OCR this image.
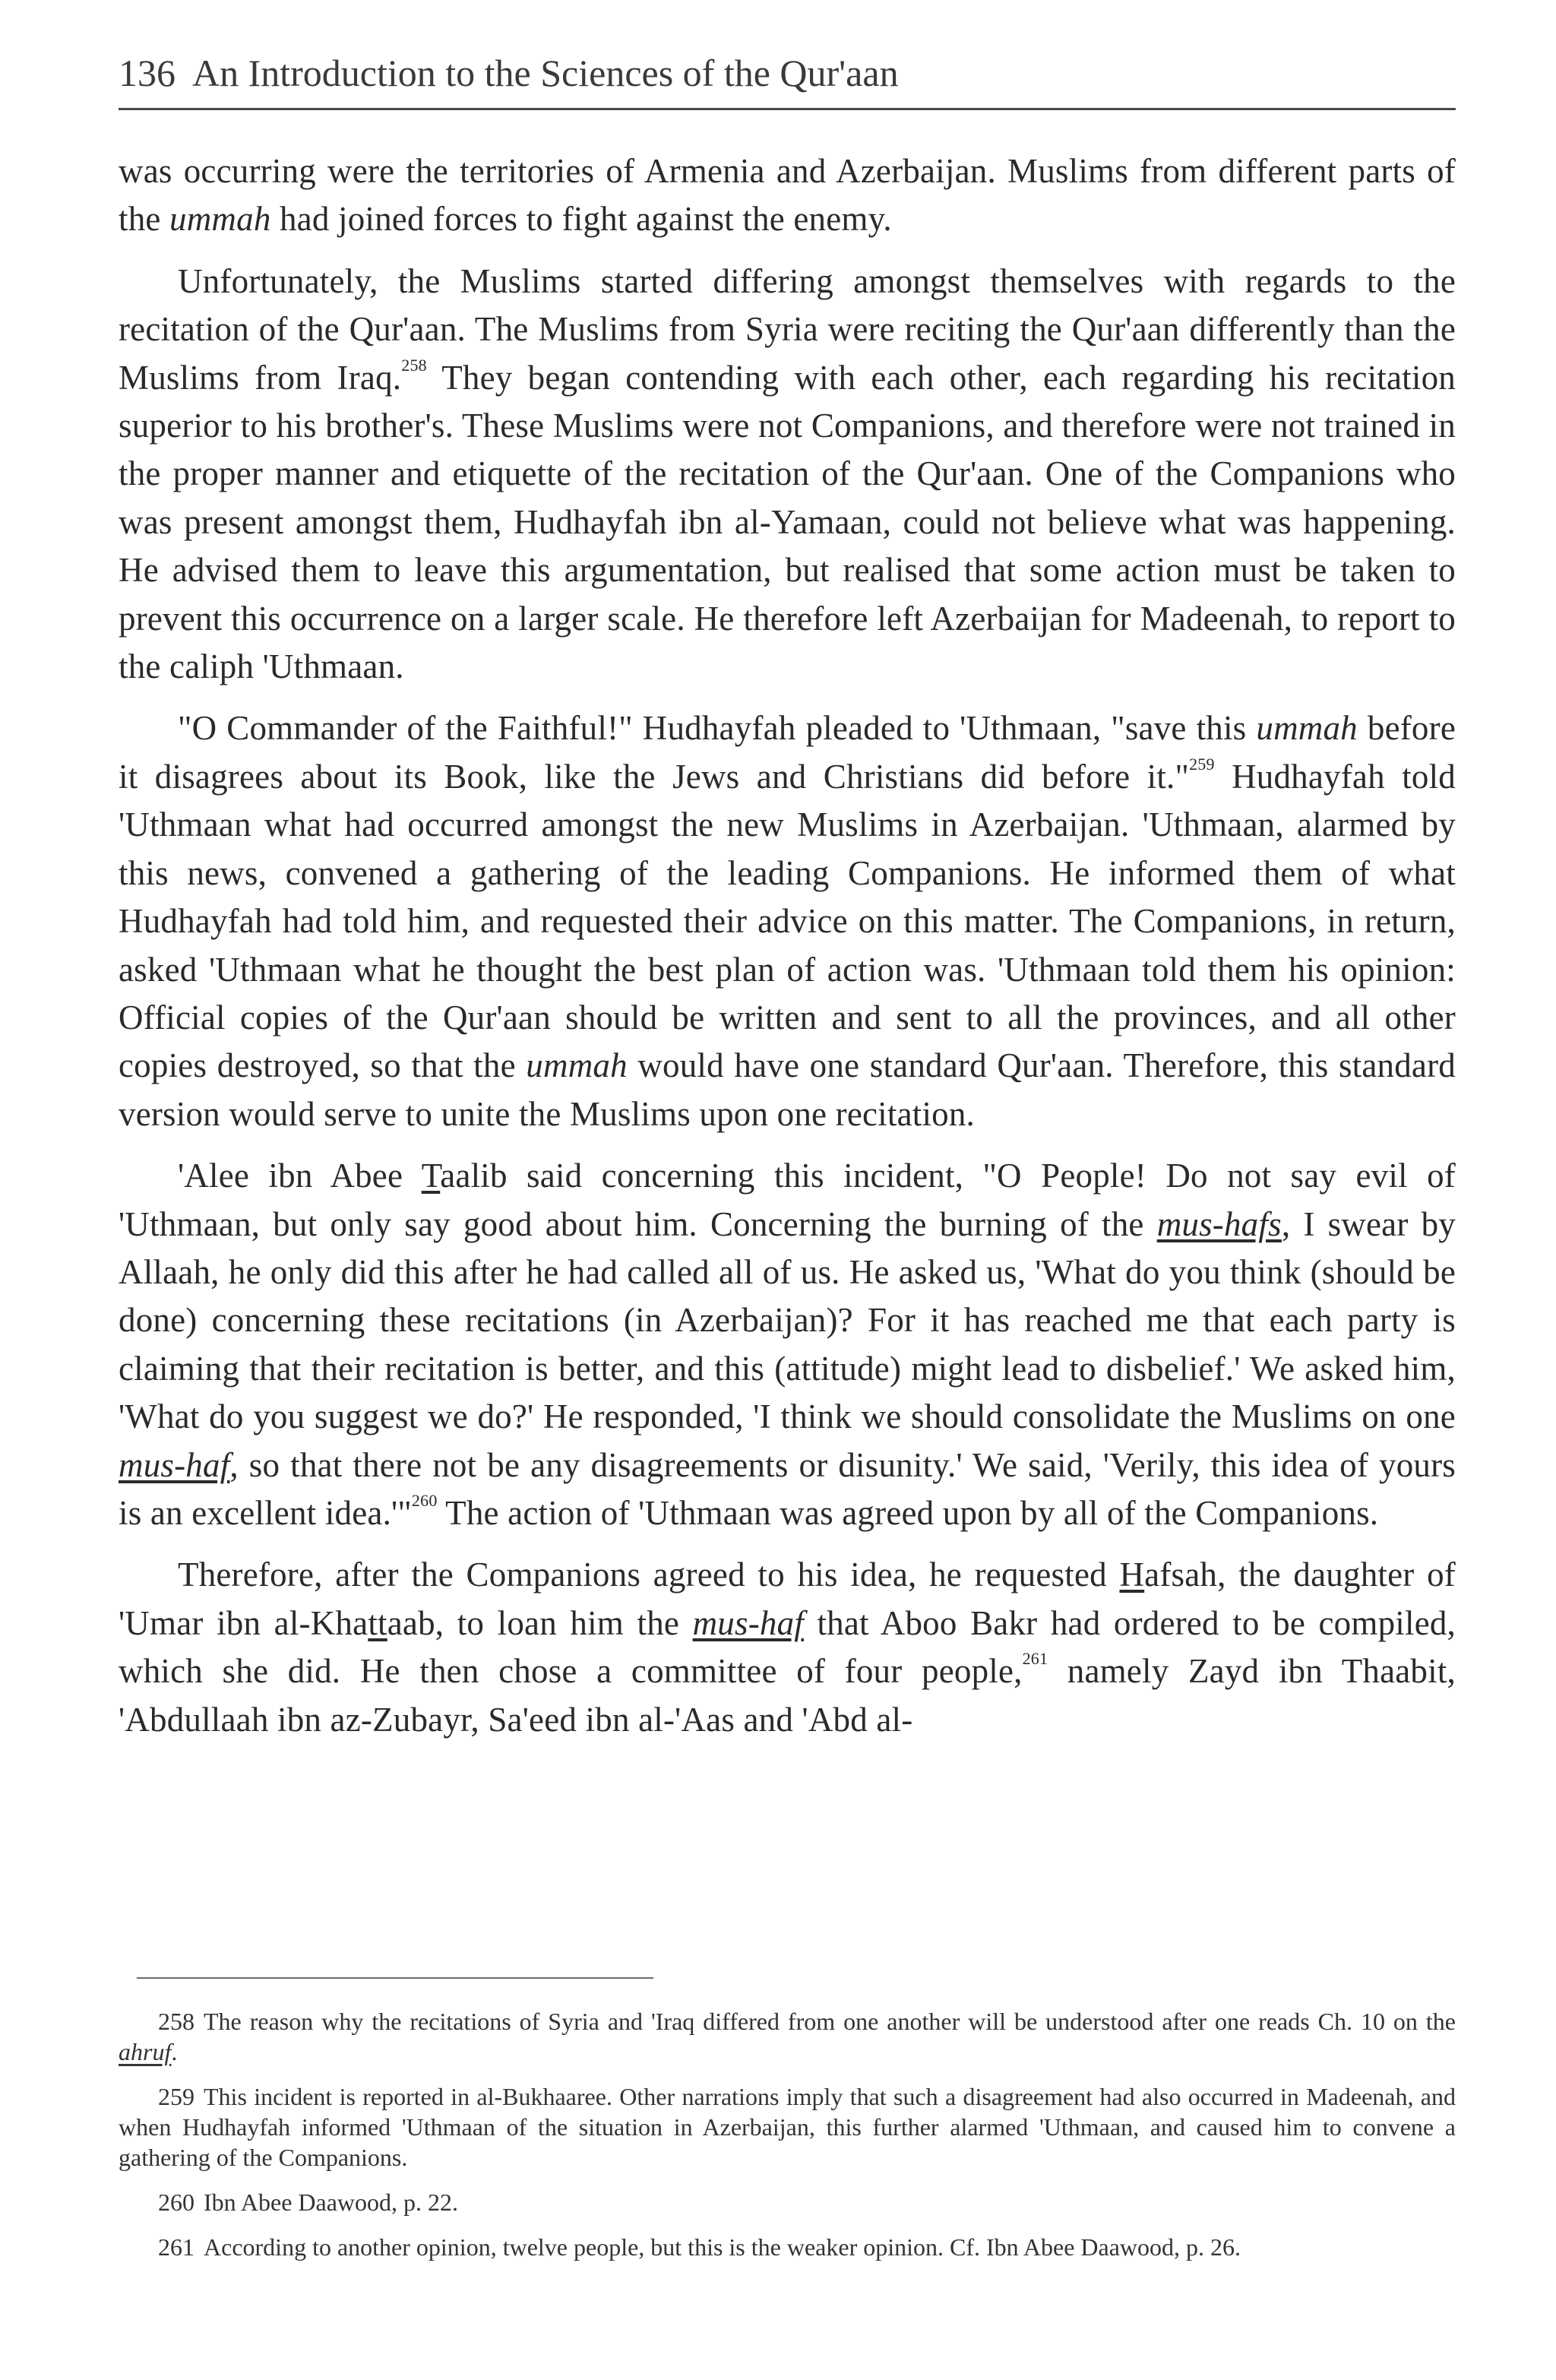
136 An Introduction to the Sciences of the Qur'aan

was occurring were the territories of Armenia and Azerbaijan. Muslims from different parts of the ummah had joined forces to fight against the enemy.

Unfortunately, the Muslims started differing amongst themselves with regards to the recitation of the Qur'aan. The Muslims from Syria were reciting the Qur'aan differently than the Muslims from Iraq.$^{258}$ They began contending with each other, each regarding his recitation superior to his brother's. These Muslims were not Companions, and therefore were not trained in the proper manner and etiquette of the recitation of the Qur'aan. One of the Companions who was present amongst them, Hudhayfah ibn al-Yamaan, could not believe what was happening. He advised them to leave this argumentation, but realised that some action must be taken to prevent this occurrence on a larger scale. He therefore left Azerbaijan for Madeenah, to report to the caliph 'Uthmaan.

"O Commander of the Faithful!" Hudhayfah pleaded to 'Uthmaan, "save this ummah before it disagrees about its Book, like the Jews and Christians did before it."$^{259}$ Hudhayfah told 'Uthmaan what had occurred amongst the new Muslims in Azerbaijan. 'Uthmaan, alarmed by this news, convened a gathering of the leading Companions. He informed them of what Hudhayfah had told him, and requested their advice on this matter. The Companions, in return, asked 'Uthmaan what he thought the best plan of action was. 'Uthmaan told them his opinion: Official copies of the Qur'aan should be written and sent to all the provinces, and all other copies destroyed, so that the ummah would have one standard Qur'aan. Therefore, this standard version would serve to unite the Muslims upon one recitation.

'Alee ibn Abee Taalib said concerning this incident, "O People! Do not say evil of 'Uthmaan, but only say good about him. Concerning the burning of the mus-hafs, I swear by Allaah, he only did this after he had called all of us. He asked us, 'What do you think (should be done) concerning these recitations (in Azerbaijan)? For it has reached me that each party is claiming that their recitation is better, and this (attitude) might lead to disbelief.' We asked him, 'What do you suggest we do?' He responded, 'I think we should consolidate the Muslims on one mus-haf, so that there not be any disagreements or disunity.' We said, 'Verily, this idea of yours is an excellent idea.'"$^{260}$ The action of 'Uthmaan was agreed upon by all of the Companions.

Therefore, after the Companions agreed to his idea, he requested Hafsah, the daughter of 'Umar ibn al-Khattaab, to loan him the mus-haf that Aboo Bakr had ordered to be compiled, which she did. He then chose a committee of four people,$^{261}$ namely Zayd ibn Thaabit, 'Abdullaah ibn az-Zubayr, Sa'eed ibn al-'Aas and 'Abd al-

258 The reason why the recitations of Syria and 'Iraq differed from one another will be understood after one reads Ch. 10 on the ahruf.

259 This incident is reported in al-Bukhaaree. Other narrations imply that such a disagreement had also occurred in Madeenah, and when Hudhayfah informed 'Uthmaan of the situation in Azerbaijan, this further alarmed 'Uthmaan, and caused him to convene a gathering of the Companions.

260 Ibn Abee Daawood, p. 22.

261 According to another opinion, twelve people, but this is the weaker opinion. Cf. Ibn Abee Daawood, p. 26.
